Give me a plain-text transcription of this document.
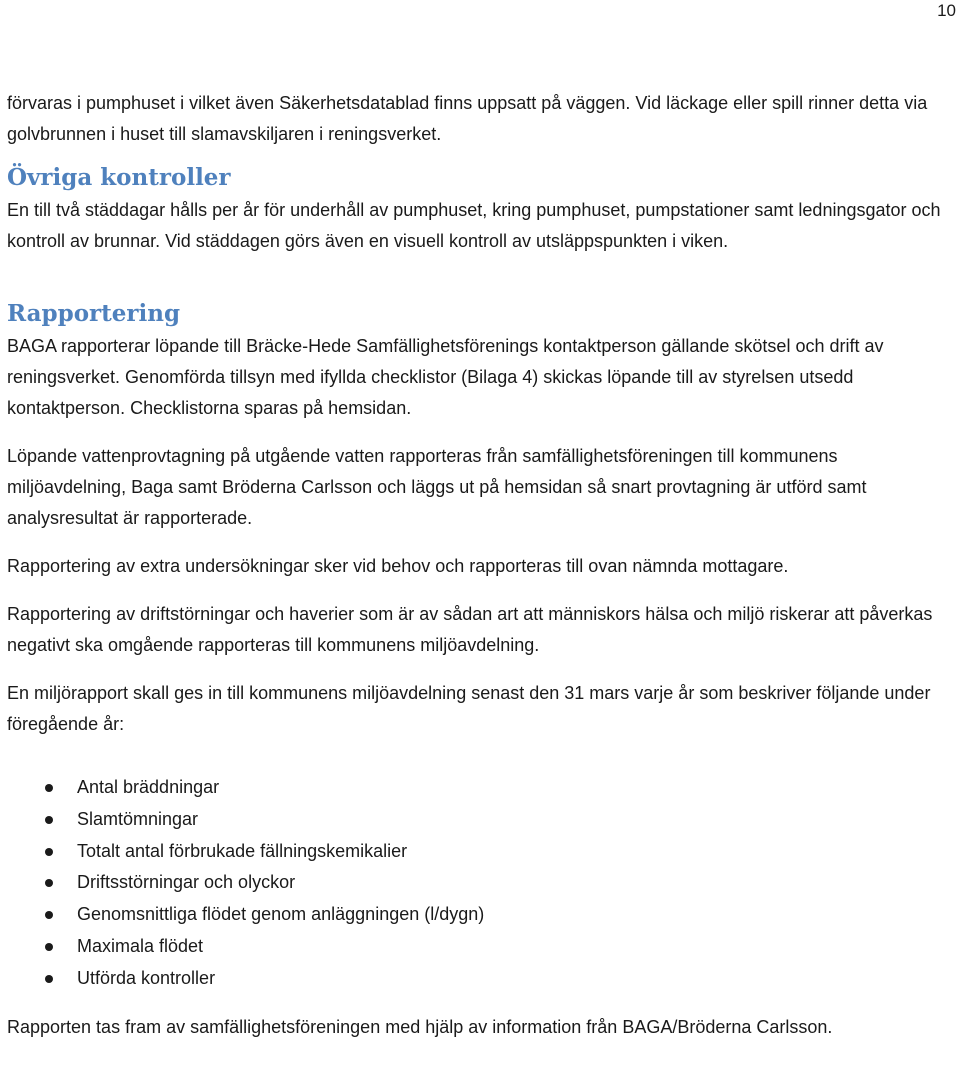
10

förvaras i pumphuset i vilket även Säkerhetsdatablad finns uppsatt på väggen. Vid läckage eller spill rinner detta via golvbrunnen i huset till slamavskiljaren i reningsverket.

Övriga kontroller

En till två städdagar hålls per år för underhåll av pumphuset, kring pumphuset, pumpstationer samt ledningsgator och kontroll av brunnar. Vid städdagen görs även en visuell kontroll av utsläppspunkten i viken.

Rapportering

BAGA rapporterar löpande till Bräcke-Hede Samfällighetsförenings kontaktperson gällande skötsel och drift av reningsverket. Genomförda tillsyn med ifyllda checklistor (Bilaga 4) skickas löpande till av styrelsen utsedd kontaktperson. Checklistorna sparas på hemsidan.

Löpande vattenprovtagning på utgående vatten rapporteras från samfällighetsföreningen till kommunens miljöavdelning, Baga samt Bröderna Carlsson och läggs ut på hemsidan så snart provtagning är utförd samt analysresultat är rapporterade.

Rapportering av extra undersökningar sker vid behov och rapporteras till ovan nämnda mottagare.

Rapportering av driftstörningar och haverier som är av sådan art att människors hälsa och miljö riskerar att påverkas negativt ska omgående rapporteras till kommunens miljöavdelning.

En miljörapport skall ges in till kommunens miljöavdelning senast den 31 mars varje år som beskriver följande under föregående år:

Antal bräddningar
Slamtömningar
Totalt antal förbrukade fällningskemikalier
Driftsstörningar och olyckor
Genomsnittliga flödet genom anläggningen (l/dygn)
Maximala flödet
Utförda kontroller

Rapporten tas fram av samfällighetsföreningen med hjälp av information från BAGA/Bröderna Carlsson.
